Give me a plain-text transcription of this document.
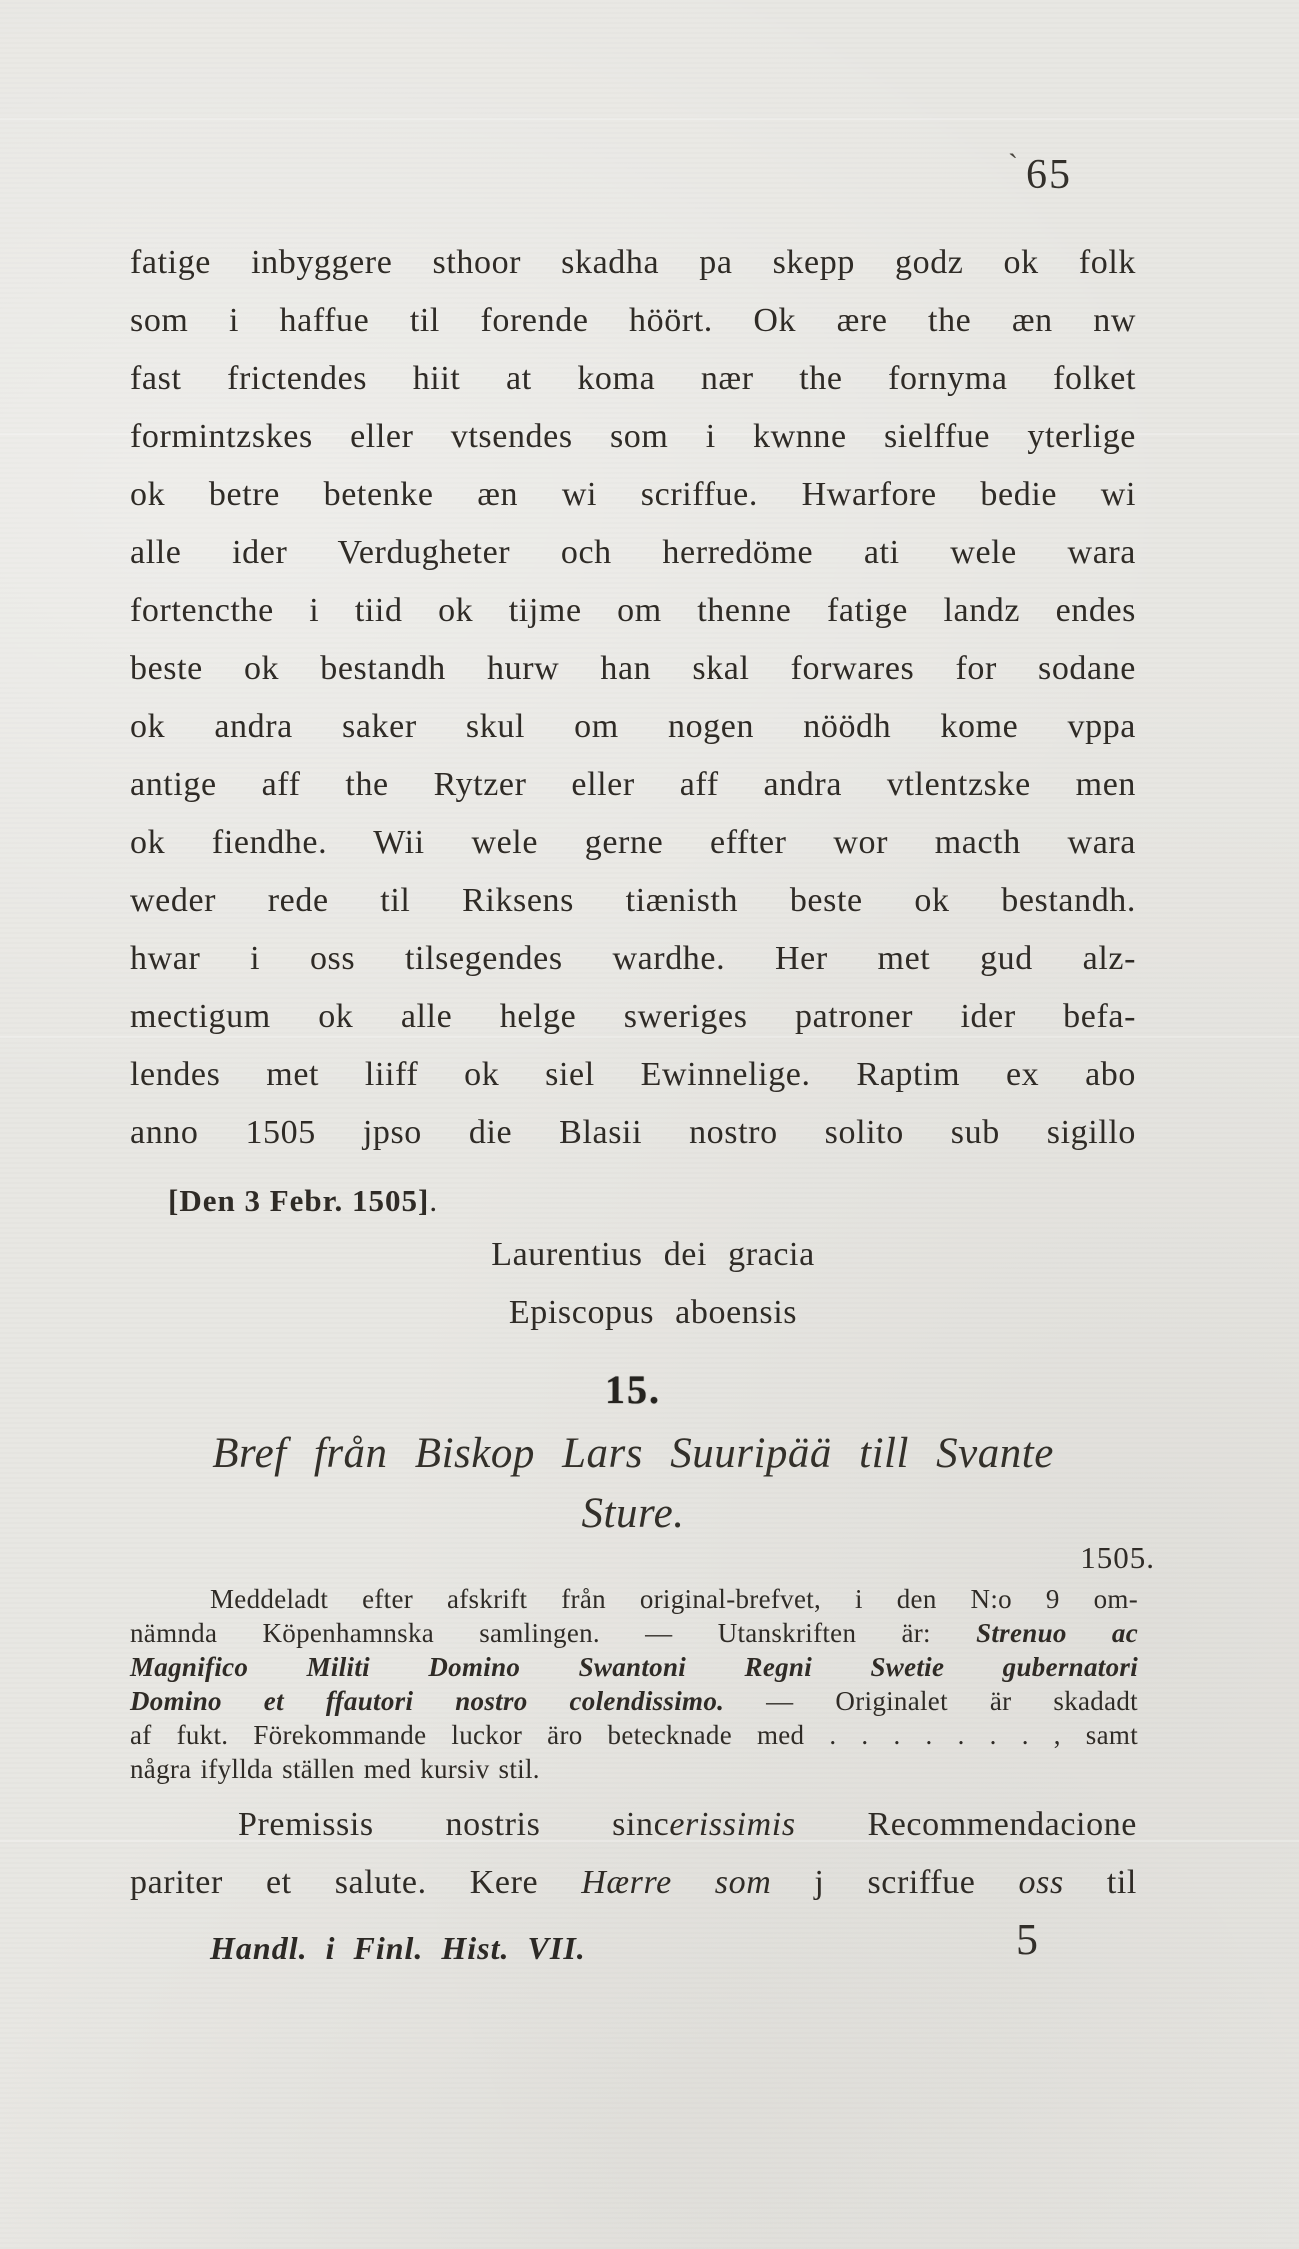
$^ˋ$ 65
fatige inbyggere sthoor skadha pa skepp godz ok folk
som i haffue til forende höört. Ok ære the æn nw
fast frictendes hiit at koma nær the fornyma folket
formintzskes eller vtsendes som i kwnne sielffue yterlige
ok betre betenke æn wi scriffue. Hwarfore bedie wi
alle ider Verdugheter och herredöme ati wele wara
fortencthe i tiid ok tijme om thenne fatige landz endes
beste ok bestandh hurw han skal forwares for sodane
ok andra saker skul om nogen nöödh kome vppa
antige aff the Rytzer eller aff andra vtlentzske men
ok fiendhe. Wii wele gerne effter wor macth wara
weder rede til Riksens tiænisth beste ok bestandh.
hwar i oss tilsegendes wardhe. Her met gud alz-
mectigum ok alle helge sweriges patroner ider befa-
lendes met liiff ok siel Ewinnelige. Raptim ex abo
anno 1505 jpso die Blasii nostro solito sub sigillo
[Den 3 Febr. 1505].
Laurentius dei gracia
Episcopus aboensis
15.
Bref från Biskop Lars Suuripää till Svante
Sture.
1505.
Meddeladt efter afskrift från original-brefvet, i den N:o 9 om-
nämnda Köpenhamnska samlingen. — Utanskriften är: Strenuo ac
Magnifico Militi Domino Swantoni Regni Swetie gubernatori
Domino et ffautori nostro colendissimo. — Originalet är skadadt
af fukt. Förekommande luckor äro betecknade med . . . . . . . , samt
några ifyllda ställen med kursiv stil.
Premissis nostris sincerissimis Recommendacione
pariter et salute. Kere Hærre som j scriffue oss til
Handl. i Finl. Hist. VII.	5
